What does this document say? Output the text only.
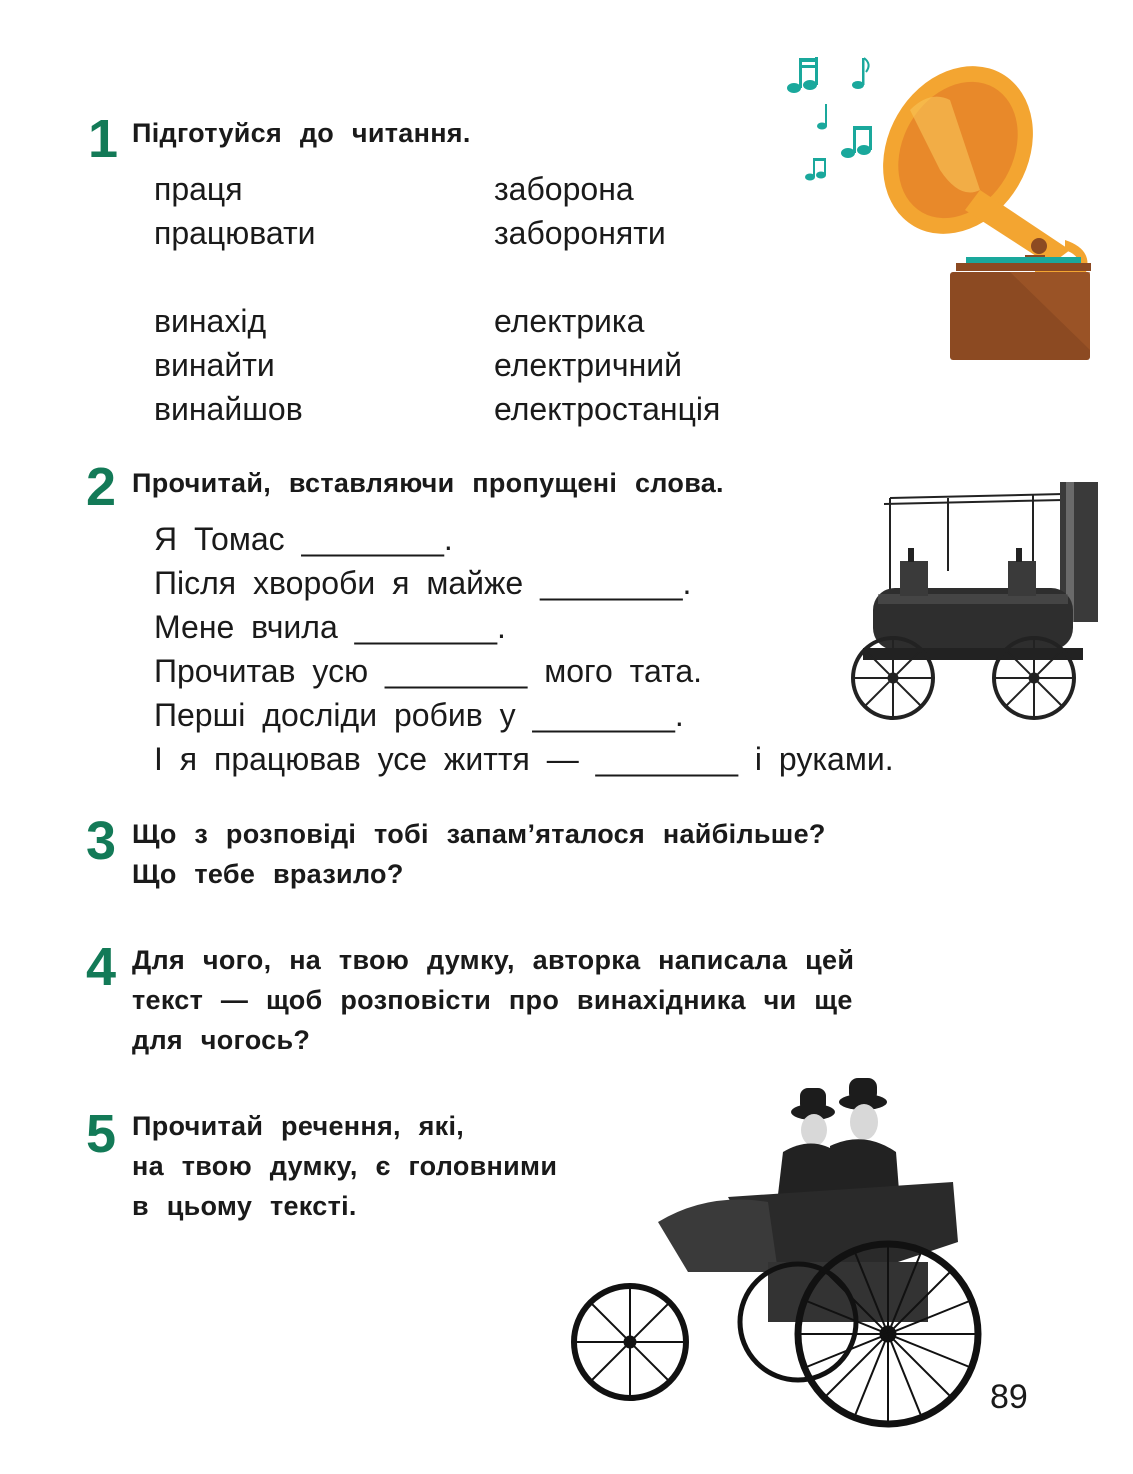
1 Підготуйся до читання.
праця
працювати
винахід
винайти
винайшов
заборона
забороняти
електрика
електричний
електростанція
2 Прочитай, вставляючи пропущені слова.
Я Томас ________.
Після хвороби я майже ________.
Мене вчила ________.
Прочитав усю ________ мого тата.
Перші досліди робив у ________.
І я працював усе життя — ________ і руками.
3 Що з розповіді тобі запам’яталося найбільше?
Що тебе вразило?
4 Для чого, на твою думку, авторка написала цей
текст — щоб розповісти про винахідника чи ще
для чогось?
5 Прочитай речення, які,
на твою думку, є головними
в цьому тексті.
89
